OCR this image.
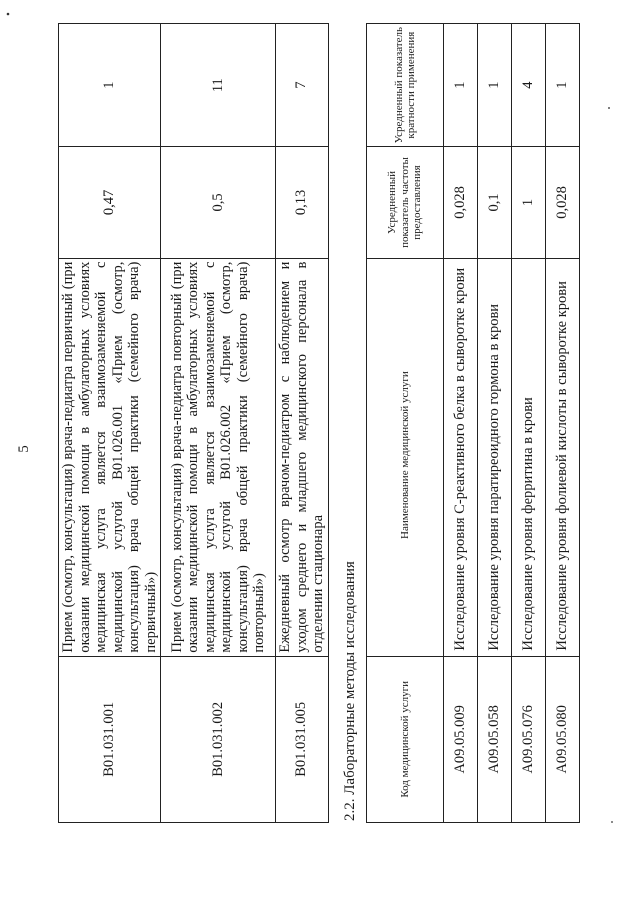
5
B01.031.001	Прием (осмотр, консультация) врача-педиатра первичный (при оказании медицинской помощи в амбулаторных условиях медицинская услуга является взаимозаменяемой с медицинской услугой B01.026.001 «Прием (осмотр, консультация) врача общей практики (семейного врача) первичный»)	0,47	1
B01.031.002	Прием (осмотр, консультация) врача-педиатра повторный (при оказании медицинской помощи в амбулаторных условиях медицинская услуга является взаимозаменяемой с медицинской услугой B01.026.002 «Прием (осмотр, консультация) врача общей практики (семейного врача) повторный»)	0,5	11
B01.031.005	Ежедневный осмотр врачом-педиатром с наблюдением и уходом среднего и младшего медицинского персонала в отделении стационара	0,13	7
2.2. Лабораторные методы исследования	Код медицинской услуги	Наименование медицинской услуги	Усредненный показатель частоты предоставления	Усредненный показатель кратности применения
A09.05.009	Исследование уровня С-реактивного белка в сыворотке крови	0,028	1
A09.05.058	Исследование уровня паратиреоидного гормона в крови	0,1	1
A09.05.076	Исследование уровня ферритина в крови	1	4
A09.05.080	Исследование уровня фолиевой кислоты в сыворотке крови	0,028	1
